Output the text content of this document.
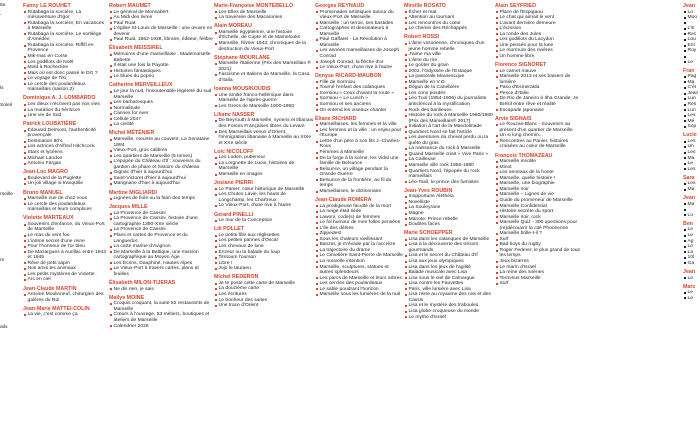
5e

'

ls

Soleil

rseille

rs

ails

Fanny LE ROUHET
Rutabaga la sorcière, La mésaventure d'Igor
Rutabaga la sorcière, En vacances à Marseille
Rutabaga la sorcière, Le sortilège d'Amédée
Rutabaga la sorcière, Riffifi en Provence
Mik-mac en Corse
Les godillots de Noël
Mold à Rochecline
Mais où est donc passé le DG ?
Le voyage de Tiki
Le cercle des poulardeaux marseillais (saison 2)
Dominique A. J. LOMBARDO
Les dieux n'écrivent pas nos vies
La mutation du hérisson
Une vie de Sud
Patrick LOUBATIÈRE
Édouard Delmont, l'authenticité provençale
Destination 80's
Les actrices d'Alfred Hitchcock
Stars et lycéens
Michael Landon
Antonio Fargas
Jean-Luc MAGRO
Boulevard de la Puglette
Un joli village si tranquille
Bruno MANUEL
Marseille vue de chez vous
Le cercle des poulardeaux marseillais et leurs complices
Violette MARTEAUX
Souvenirs d'enfance, du Vieux-Port de Marseille
Le mas du vent fou
L'intime secret d'une reine
Pour l'honneur de l'or bleu
De Mazargues à Aurillac entre 1943 et 1945
Rêve de petit sapin
Nos amis les animaux
Les petits mystères de Violette
Arc en ciel
Jean-Claude MARTIN
Antoine Moulinneuf, chirurgien des galères du Roi
Jean-Marie MATTEI-COLIN
La vie, c'est comme ça
Robert MAUMET
Le général de Monsabert
Au Midi des livres
Paul Ruat
L'église St-Louis de Marseille : une œuvre en devenir
Paul Ruat, 1862-1938, libraire, éditeur, félibre
Élisabeth MEISSIREL
Mémoires d'une marseillaise : Mademoiselle Babette
Il était une fois la Payotte
Histoires fantastiques
Le blues du poprio
Catherine MERVEILLEUX
Le jour la nuit, l'insoutenable légèreté du sud Marseille
Les barbaresques
Normalitude
Cannes for ever
Cellule 2047
La civilité
Michel MÉTÉNIER
Marseille, meurtre au couvent, La Senatane 1884
Vieux-Port, gros calibres
Les quartiers de Marseille (5 tomes)
L'épopée du Château d'If : souvenirs du gardien de phare et histoire du château
Gignac d'hier à aujourd'hui
Saint-Victoret d'hier à aujourd'hui
Marignane d'hier à aujourd'hui
Martine MIGLIARDI
Lignées de fiole ou la faim des temps
Jacques MILLE
La Provence de Cassini
La Provence de Cassini, histoire d'une cartographie 1390-XXe siècle
La Provence de Cassini
Plans et cartes de Provence et du Languedoc
La carte marine d'Avignon
De Marseille à la Baltique, une mission cartographique au Moyen Âge
Les Écrins, Dauphiné, Hautes Alpes
Le Vieux-Port à travers cartes, plans et feuilles
Élisabeth MILON-TIJERAS
Ne dis rien, je sais
Maïlys MOINE
Croquis croquant, la suite 52 restaurants de Marseille
Cœurs à l'ouvrage, 53 métiers, boutiques et ateliers de Marseille
Calendrier 2026
Marie-Françoise MONTEBELLO
Les Elles de Marseille
La traversée des Macaronies
Alain MOREAU
Marseille égyptienne, une histoire d'Échelle, de Copte et de Mamelouks
Marseille, février 1943, chroniques de la destruction du Vieux-Port
Stéphane MOURLANE
Marseille l'Italienne (Prix des Marseillais ® 2021)
Fascisme et Italiens de Marseille, la Casa d'Italia
Ioanna MOUSIKOUDIS
Une amitié franco-hellénique dans Marseille de l'après-guerre
Les Grecs de Marseille 1900-1950
Liliane NASSER
De Beyrouth à Marseille, syriens et libanais des Forces Françaises libres du Levant
Des Marseillais venus d'Orient, l'immigration libanaise à Marseille au XIXe et XXe siècle
Loïc NICOLOFF
Les Loden, pubeneur
La Lorgnette de Lucie, histoires de Marseille
Marseille en images
Josiane PIERRI
Le Panier, cœur historique de Marseille
Les Chutes Lavie, les hauts de Longchamp, les Chartreux
Le Vieux-Port, d'une rive à l'autre
Gérard PINELLI
Le mur de la Conception
Lili POLLET
Le petite fille aux réglisettes
Les petites pannes d'Oscar
Les chevaux de lune
Enzeur ou la balade du loup
Timtoum l'ourson
Libre !
Jojo le tauraeu
Michel REDERON
Je te poste cette carte de Marseille
La douzième carte
Les écritures
Le bonheur des suites
Une trace d'Orient
Georges REYNAUD
Promenades artistiques autour du Vieux-Port de Marseille
Marseille : un terroir, ses bastides
Cartographes et dessinateurs à Marseille
Paul Gaffarel - La Révolution à Marseille
Les années marseillaises de Joseph Conrad
Joseph Conrad, la flèche d'or
Le Vieux-Port, d'une rive à l'autre
Denyse RICARD-MAUBON
Fille de Sormiou
Tourné l'enfant des calanques
Sormiou « Ceux d'avant la route »
Sormiou « Le Lunch »
Sormiou et ses anciens
On entend les oiseaux chanter
Éliane RICHARD
Marseillaises, les femmes et la ville
Les femmes et la ville : un enjeu pour l'Europe
Lettre d'un père à son fils J.-Charles-Roux
Femmes à Marseille
De la forge à la scène, les Vidal une famille de Belsunce
Belsunce, un village pendant la Grande Guerre
Belsunce de la frontière, au fil du temps
Marseillaises, le dictionnaire
Jean-Claude ROMERA
La prodigieuse faculté de la mort
La neige était tiède
Lawoni, code(s) de femmes
Le fol humour de mes folles pensées
L'île des délires
Zippedest
Sous les chaleurs vieillissant
Banzaï, je m'évade par la raccrèze
La trajectoire du drame
Le Cimetière Saint-Pierre de Marseille
La nouvelle intention
Marseille, sculptures, statues et autres splendeurs
Les parcs de Marseille et leurs arbres
Les cercles des poulardeaux
Le sable poudrant l'horizon
Marseille sous les lumières de la nuit
Mireille ROSATO
Écher et mat
Attention au tournant
Les rencontres du cœur
Le chemin des Réchappés
Robert ROSSI
L'âme victorienne, chroniques d'un jeune homme rebelle
J'aime ma ville
L'âme du rire
Le goûter du grain
2001, l'Odyssée de l'Estaque
La pastorale Maurescque
Marseille en V.O.
Dégun de la Canebière
Les cons posdés
Léo Tuol (1854-1906) du journaliste anticlérical à la mystification
Rock des banlieues
Histoire du rock à Marseille 1960/1980 (Prix des Marseillais® 2017)
Initiation à l'art de la Mandolinade
Quartiers Nord se fait l'article
Les aventures du cheval perdu ou la quête du gras
La naissance du rock à Marseille
Quand Marseille criait « Vive Paris »
La Cailleuse
Marseille ville rock 1956-1980
Quartiers Nord, l'épopée du rock marseillais
Léo-Taxil, le prince des fumistes
Jean-Yves ROUBIN
Inopportune Aléthéia
Novelliste
La Souleyrane
Magne
Manote, Prince rebelle
Doubles faces
Marie SCHOEPPER
Lisa dans les calanques de Marseille
Lisa à la découverte des trésors gourmands
Lisa et le secret du Château d'If
Lisa aux jeux olympiques
Lisa dans les jeux de l'agilité
Balade musicale avec Lisa
Lisa sous le ciel de Camargue
Lisa contre les Fauvettes
Paris, ville lumière avec Lisa
Lisa reine au royaume des rois et des Cassis
Lisa et le mystère des traboules
Lisa globe-croqueuse du monde
Le mythe d'Israël
Alain SEYFRIED
Place de l'Espigaou
Le chat qui aimait le vent
L'avant dernière demeure
L'éclosion
La ronde des Jules
Les godillots du Lacydon
Une pensée pour la lune
Le murmure des rivières
Un homme libre
Florence SIGNORET
Le carnet mauve
Marseille 2013 et ses baisers de lumière
Paso d'Esmeralda
Pesce d'Italie
De Rio de Janeiro à Ilha Grande, Je Brésil entre rêve et réalité
Escapade japonaise
Arvie SIGNAIS
Le Rouzas-Blanc - Souvenirs au présent d'un quartier de Marseille
Un si long chemin...
Rencontres au Panier, histoires croisées au cœur de Marseille
François THOMAZEAU
Marseille insolite
Minot
Les anneaux de la honte
Marseille, quelle histoire !
Marseille, une biographie
Marseille noir
Marseille – Lignes de vie
Guide du promeneur de Marseille
Marseille Confidential
Histoire secrète du sport
Marseille noir, rock
Marseille Quiz - 300 questions pour (re)découvrir la cité Phocéenne
Marseille brille-t-il ?
Surf
Bad boys du rugby
Roger Federer, le plus grand de tous les temps
Jeux bizarres
Le marin d'Israël
La reine des sirènes
Terminus Marseille
Surf
Jean
Lo
Mon

L'E
Rec
Lou
Ent
Roy

Le
Fran
Pag
Ma
C'ét
Jean
Lun
Res
Lun
Les
Mé
Sop
Lucie
Les
Un
Les
Ma
Le
Les
Sara
Les
Ma
Jean
Ma

Lo
Ben
Le
Le
Ag
Le
La
10l
Ga
Jean
Le
Marc
Le
Le
